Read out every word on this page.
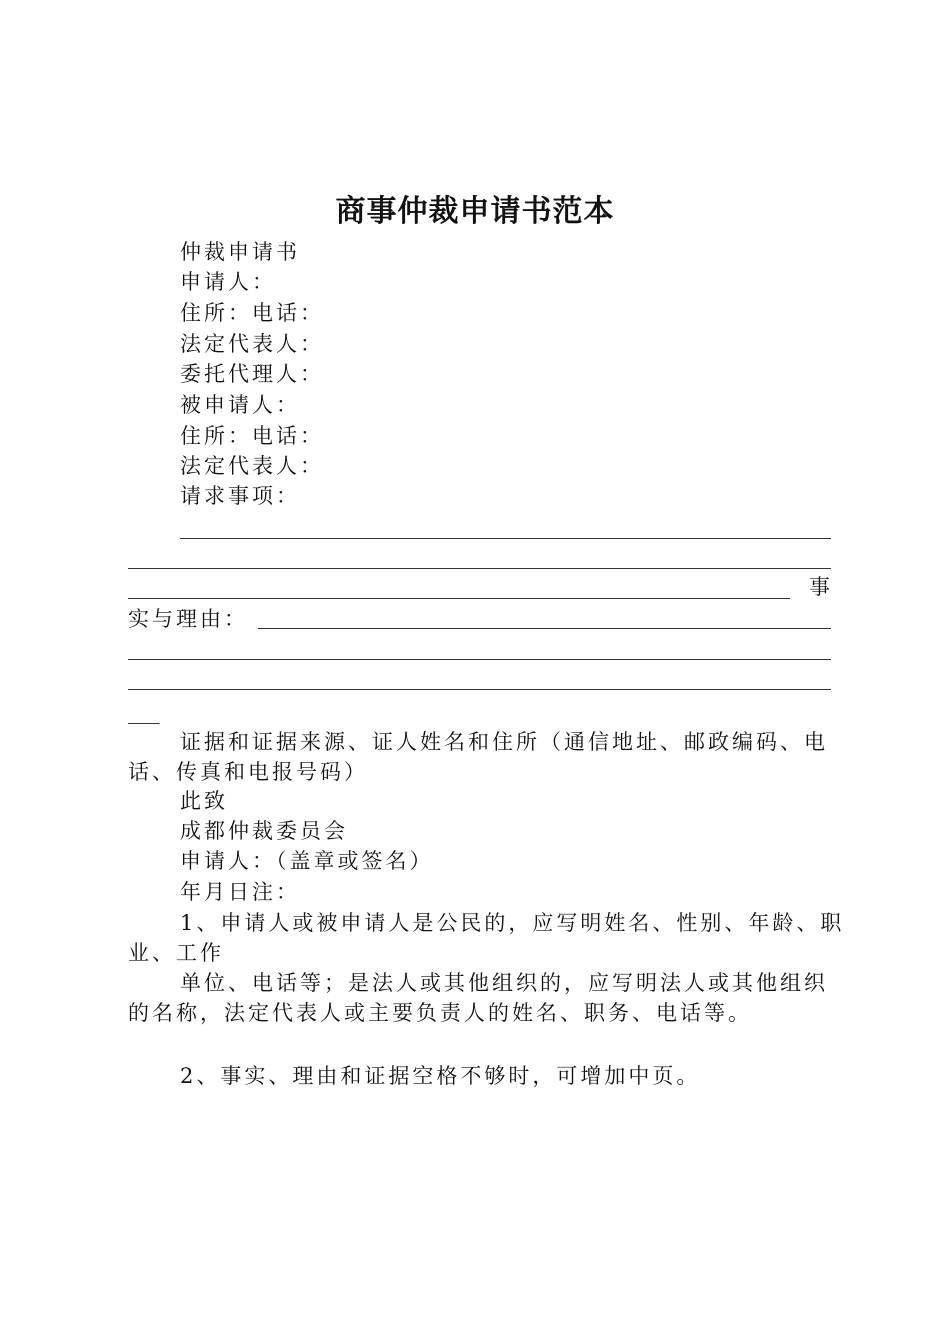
商事仲裁申请书范本
仲裁申请书
申请人：
住所：电话：
法定代表人：
委托代理人：
被申请人：
住所：电话：
法定代表人：
请求事项：
事
实与理由：
___
证据和证据来源、证人姓名和住所（通信地址、邮政编码、电话、传真和电报号码）
此致
成都仲裁委员会
申请人：（盖章或签名）
年月日注：
1、申请人或被申请人是公民的，应写明姓名、性别、年龄、职业、工作
单位、电话等；是法人或其他组织的，应写明法人或其他组织的名称，法定代表人或主要负责人的姓名、职务、电话等。
2、事实、理由和证据空格不够时，可增加中页。
